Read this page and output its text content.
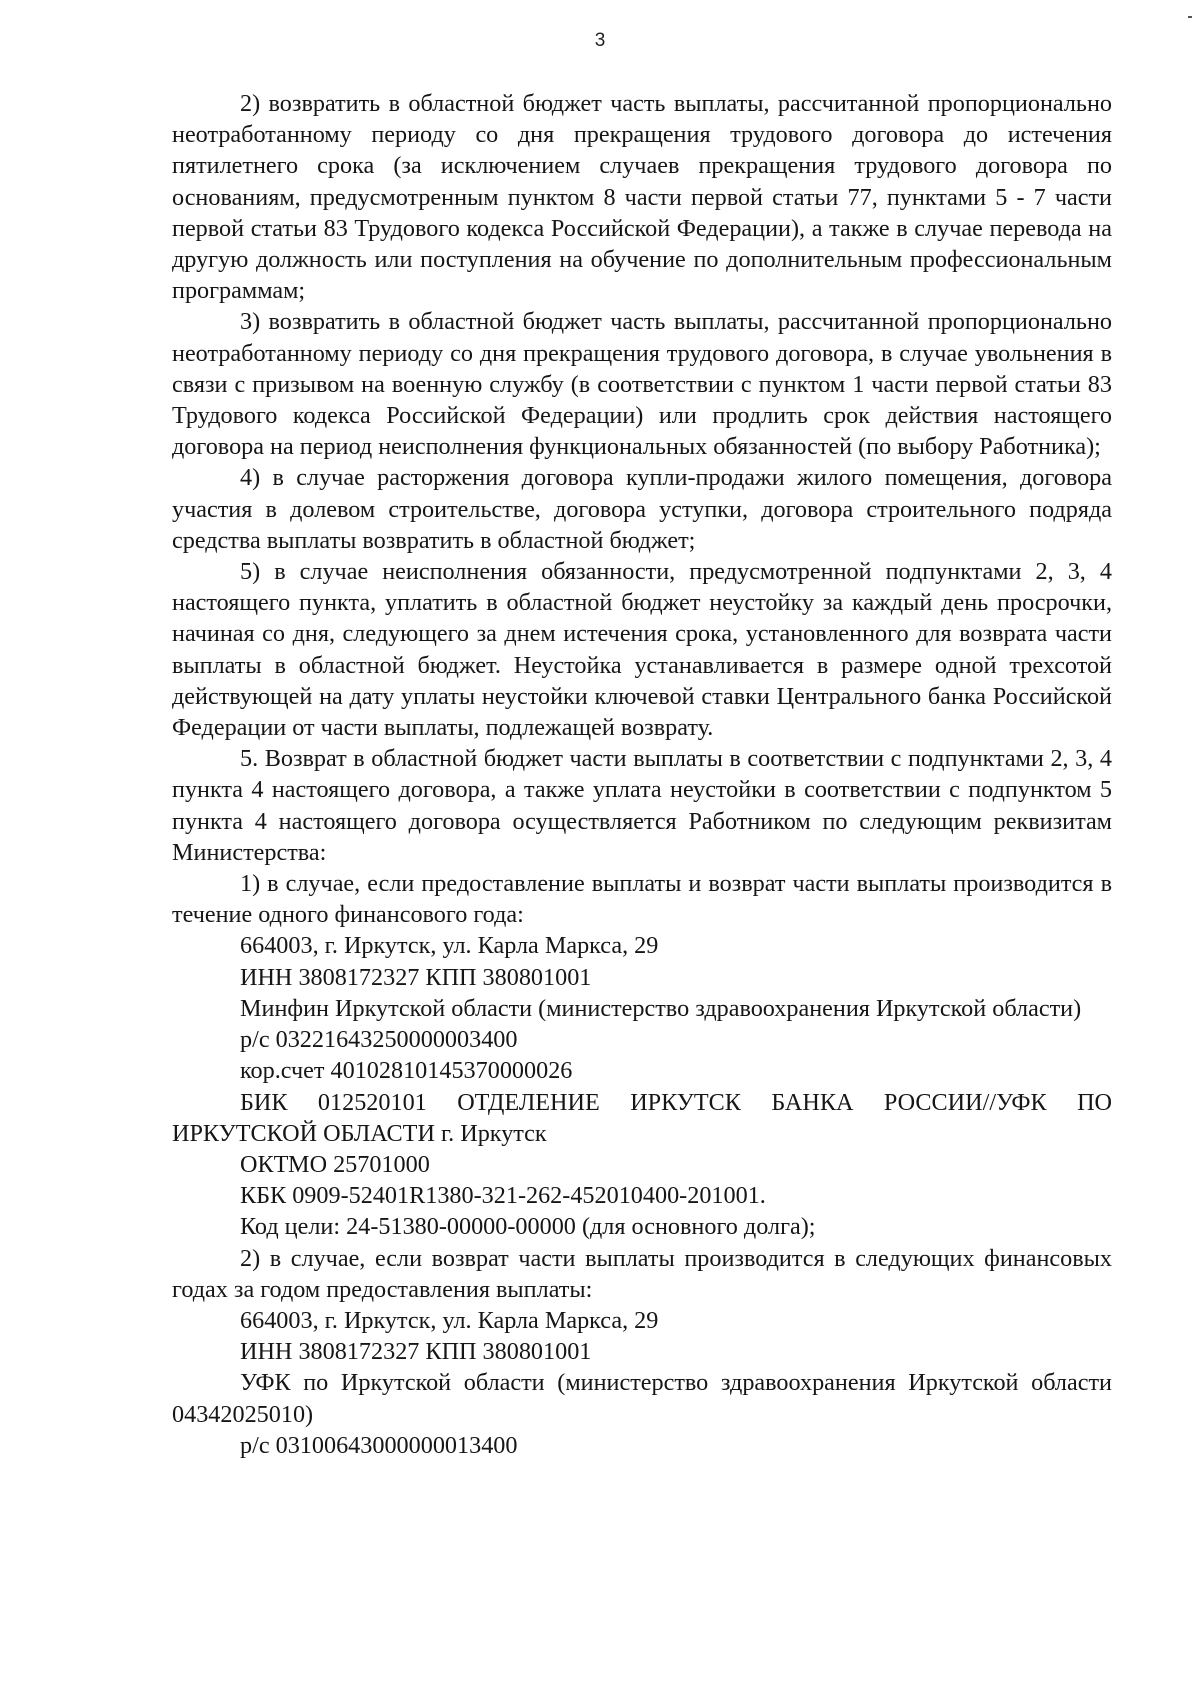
3

2) возвратить в областной бюджет часть выплаты, рассчитанной пропорционально неотработанному периоду со дня прекращения трудового договора до истечения пятилетнего срока (за исключением случаев прекращения трудового договора по основаниям, предусмотренным пунктом 8 части первой статьи 77, пунктами 5 - 7 части первой статьи 83 Трудового кодекса Российской Федерации), а также в случае перевода на другую должность или поступления на обучение по дополнительным профессиональным программам;

3) возвратить в областной бюджет часть выплаты, рассчитанной пропорционально неотработанному периоду со дня прекращения трудового договора, в случае увольнения в связи с призывом на военную службу (в соответствии с пунктом 1 части первой статьи 83 Трудового кодекса Российской Федерации) или продлить срок действия настоящего договора на период неисполнения функциональных обязанностей (по выбору Работника);

4) в случае расторжения договора купли-продажи жилого помещения, договора участия в долевом строительстве, договора уступки, договора строительного подряда средства выплаты возвратить в областной бюджет;

5) в случае неисполнения обязанности, предусмотренной подпунктами 2, 3, 4 настоящего пункта, уплатить в областной бюджет неустойку за каждый день просрочки, начиная со дня, следующего за днем истечения срока, установленного для возврата части выплаты в областной бюджет. Неустойка устанавливается в размере одной трехсотой действующей на дату уплаты неустойки ключевой ставки Центрального банка Российской Федерации от части выплаты, подлежащей возврату.

5. Возврат в областной бюджет части выплаты в соответствии с подпунктами 2, 3, 4 пункта 4 настоящего договора, а также уплата неустойки в соответствии с подпунктом 5 пункта 4 настоящего договора осуществляется Работником по следующим реквизитам Министерства:

1) в случае, если предоставление выплаты и возврат части выплаты производится в течение одного финансового года:

664003, г. Иркутск, ул. Карла Маркса, 29

ИНН 3808172327 КПП 380801001

Минфин Иркутской области (министерство здравоохранения Иркутской области)

р/с 03221643250000003400

кор.счет 40102810145370000026

БИК 012520101 ОТДЕЛЕНИЕ ИРКУТСК БАНКА РОССИИ//УФК ПО ИРКУТСКОЙ ОБЛАСТИ г. Иркутск

ОКТМО 25701000

КБК 0909-52401R1380-321-262-452010400-201001.

Код цели: 24-51380-00000-00000 (для основного долга);

2) в случае, если возврат части выплаты производится в следующих финансовых годах за годом предоставления выплаты:

664003, г. Иркутск, ул. Карла Маркса, 29

ИНН 3808172327 КПП 380801001

УФК по Иркутской области (министерство здравоохранения Иркутской области 04342025010)

р/с 03100643000000013400
